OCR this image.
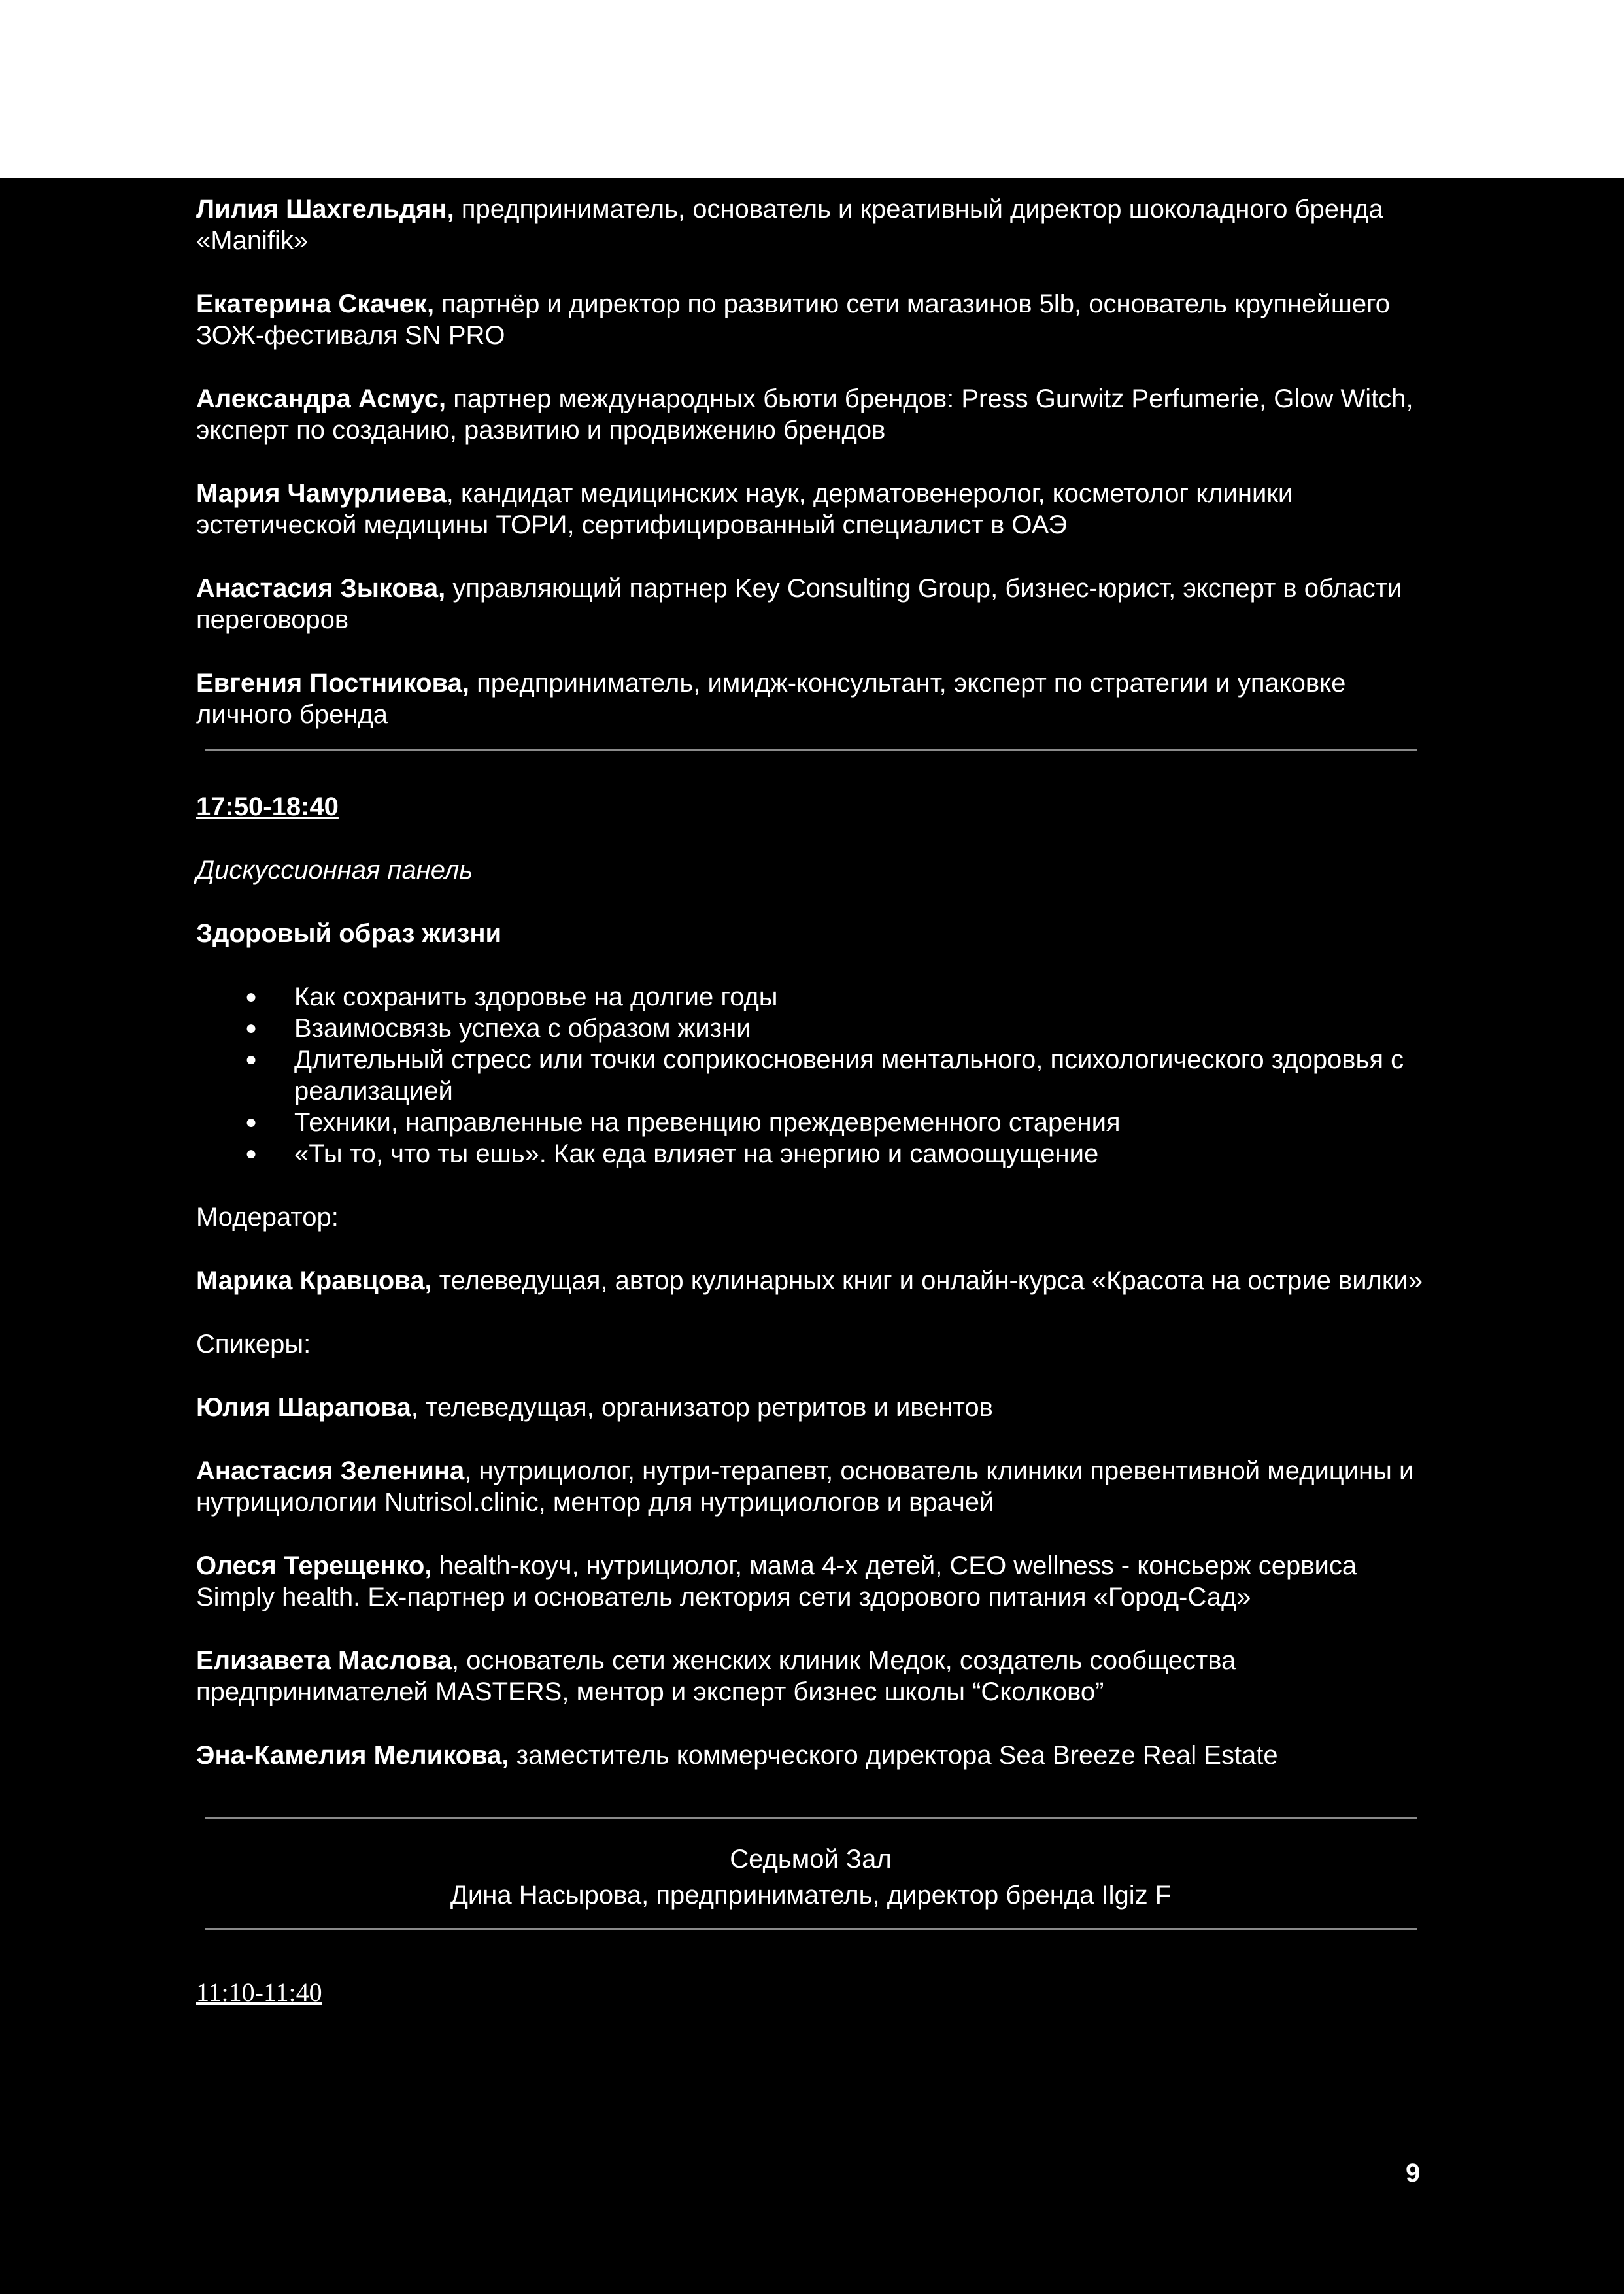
Лилия Шахгельдян, предприниматель, основатель и креативный директор шоколадного бренда «Manifik»

Екатерина Скачек, партнёр и директор по развитию сети магазинов 5lb, основатель крупнейшего ЗОЖ-фестиваля SN PRO

Александра Асмус, партнер международных бьюти брендов: Press Gurwitz Perfumerie, Glow Witch, эксперт по созданию, развитию и продвижению брендов

Мария Чамурлиева, кандидат медицинских наук, дерматовенеролог, косметолог клиники эстетической медицины ТОРИ, сертифицированный специалист в ОАЭ

Анастасия Зыкова, управляющий партнер Key Consulting Group, бизнес-юрист, эксперт в области переговоров

Евгения Постникова, предприниматель, имидж-консультант, эксперт по стратегии и упаковке личного бренда

17:50-18:40

Дискуссионная панель

Здоровый образ жизни

● Как сохранить здоровье на долгие годы
● Взаимосвязь успеха с образом жизни
● Длительный стресс или точки соприкосновения ментального, психологического здоровья с реализацией
● Техники, направленные на превенцию преждевременного старения
● «Ты то, что ты ешь». Как еда влияет на энергию и самоощущение

Модератор:

Марика Кравцова, телеведущая, автор кулинарных книг и онлайн-курса «Красота на острие вилки»

Спикеры:

Юлия Шарапова, телеведущая, организатор ретритов и ивентов

Анастасия Зеленина, нутрициолог, нутри-терапевт, основатель клиники превентивной медицины и нутрициологии Nutrisol.clinic, ментор для нутрициологов и врачей

Олеся Терещенко, health-коуч, нутрициолог, мама 4-х детей, CEO wellness - консьерж сервиса Simply health. Ex-партнер и основатель лектория сети здорового питания «Город-Сад»

Елизавета Маслова, основатель сети женских клиник Медок, создатель сообщества предпринимателей MASTERS, ментор и эксперт бизнес школы “Сколково”

Эна-Камелия Меликова, заместитель коммерческого директора Sea Breeze Real Estate

Седьмой Зал
Дина Насырова, предприниматель, директор бренда Ilgiz F
11:10-11:40
9
